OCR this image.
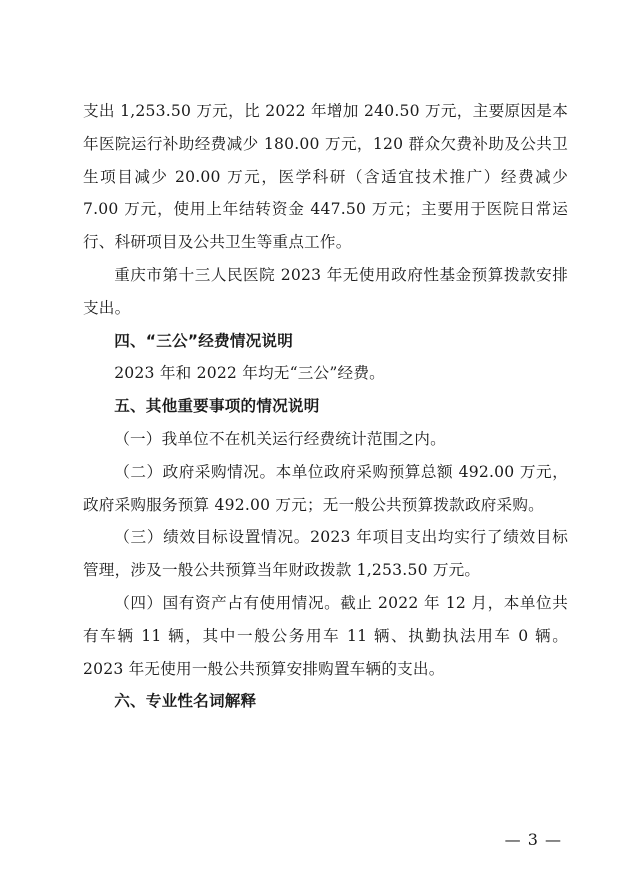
支出 1,253.50 万元，比 2022 年增加 240.50 万元，主要原因是本年医院运行补助经费减少 180.00 万元，120 群众欠费补助及公共卫生项目减少 20.00 万元，医学科研（含适宜技术推广）经费减少 7.00 万元，使用上年结转资金 447.50 万元；主要用于医院日常运行、科研项目及公共卫生等重点工作。

重庆市第十三人民医院 2023 年无使用政府性基金预算拨款安排支出。

四、“三公”经费情况说明

2023 年和 2022 年均无“三公”经费。

五、其他重要事项的情况说明

（一）我单位不在机关运行经费统计范围之内。

（二）政府采购情况。本单位政府采购预算总额 492.00 万元，政府采购服务预算 492.00 万元；无一般公共预算拨款政府采购。

（三）绩效目标设置情况。2023 年项目支出均实行了绩效目标管理，涉及一般公共预算当年财政拨款 1,253.50 万元。

（四）国有资产占有使用情况。截止 2022 年 12 月，本单位共有车辆 11 辆，其中一般公务用车 11 辆、执勤执法用车 0 辆。2023 年无使用一般公共预算安排购置车辆的支出。

六、专业性名词解释

— 3 —
